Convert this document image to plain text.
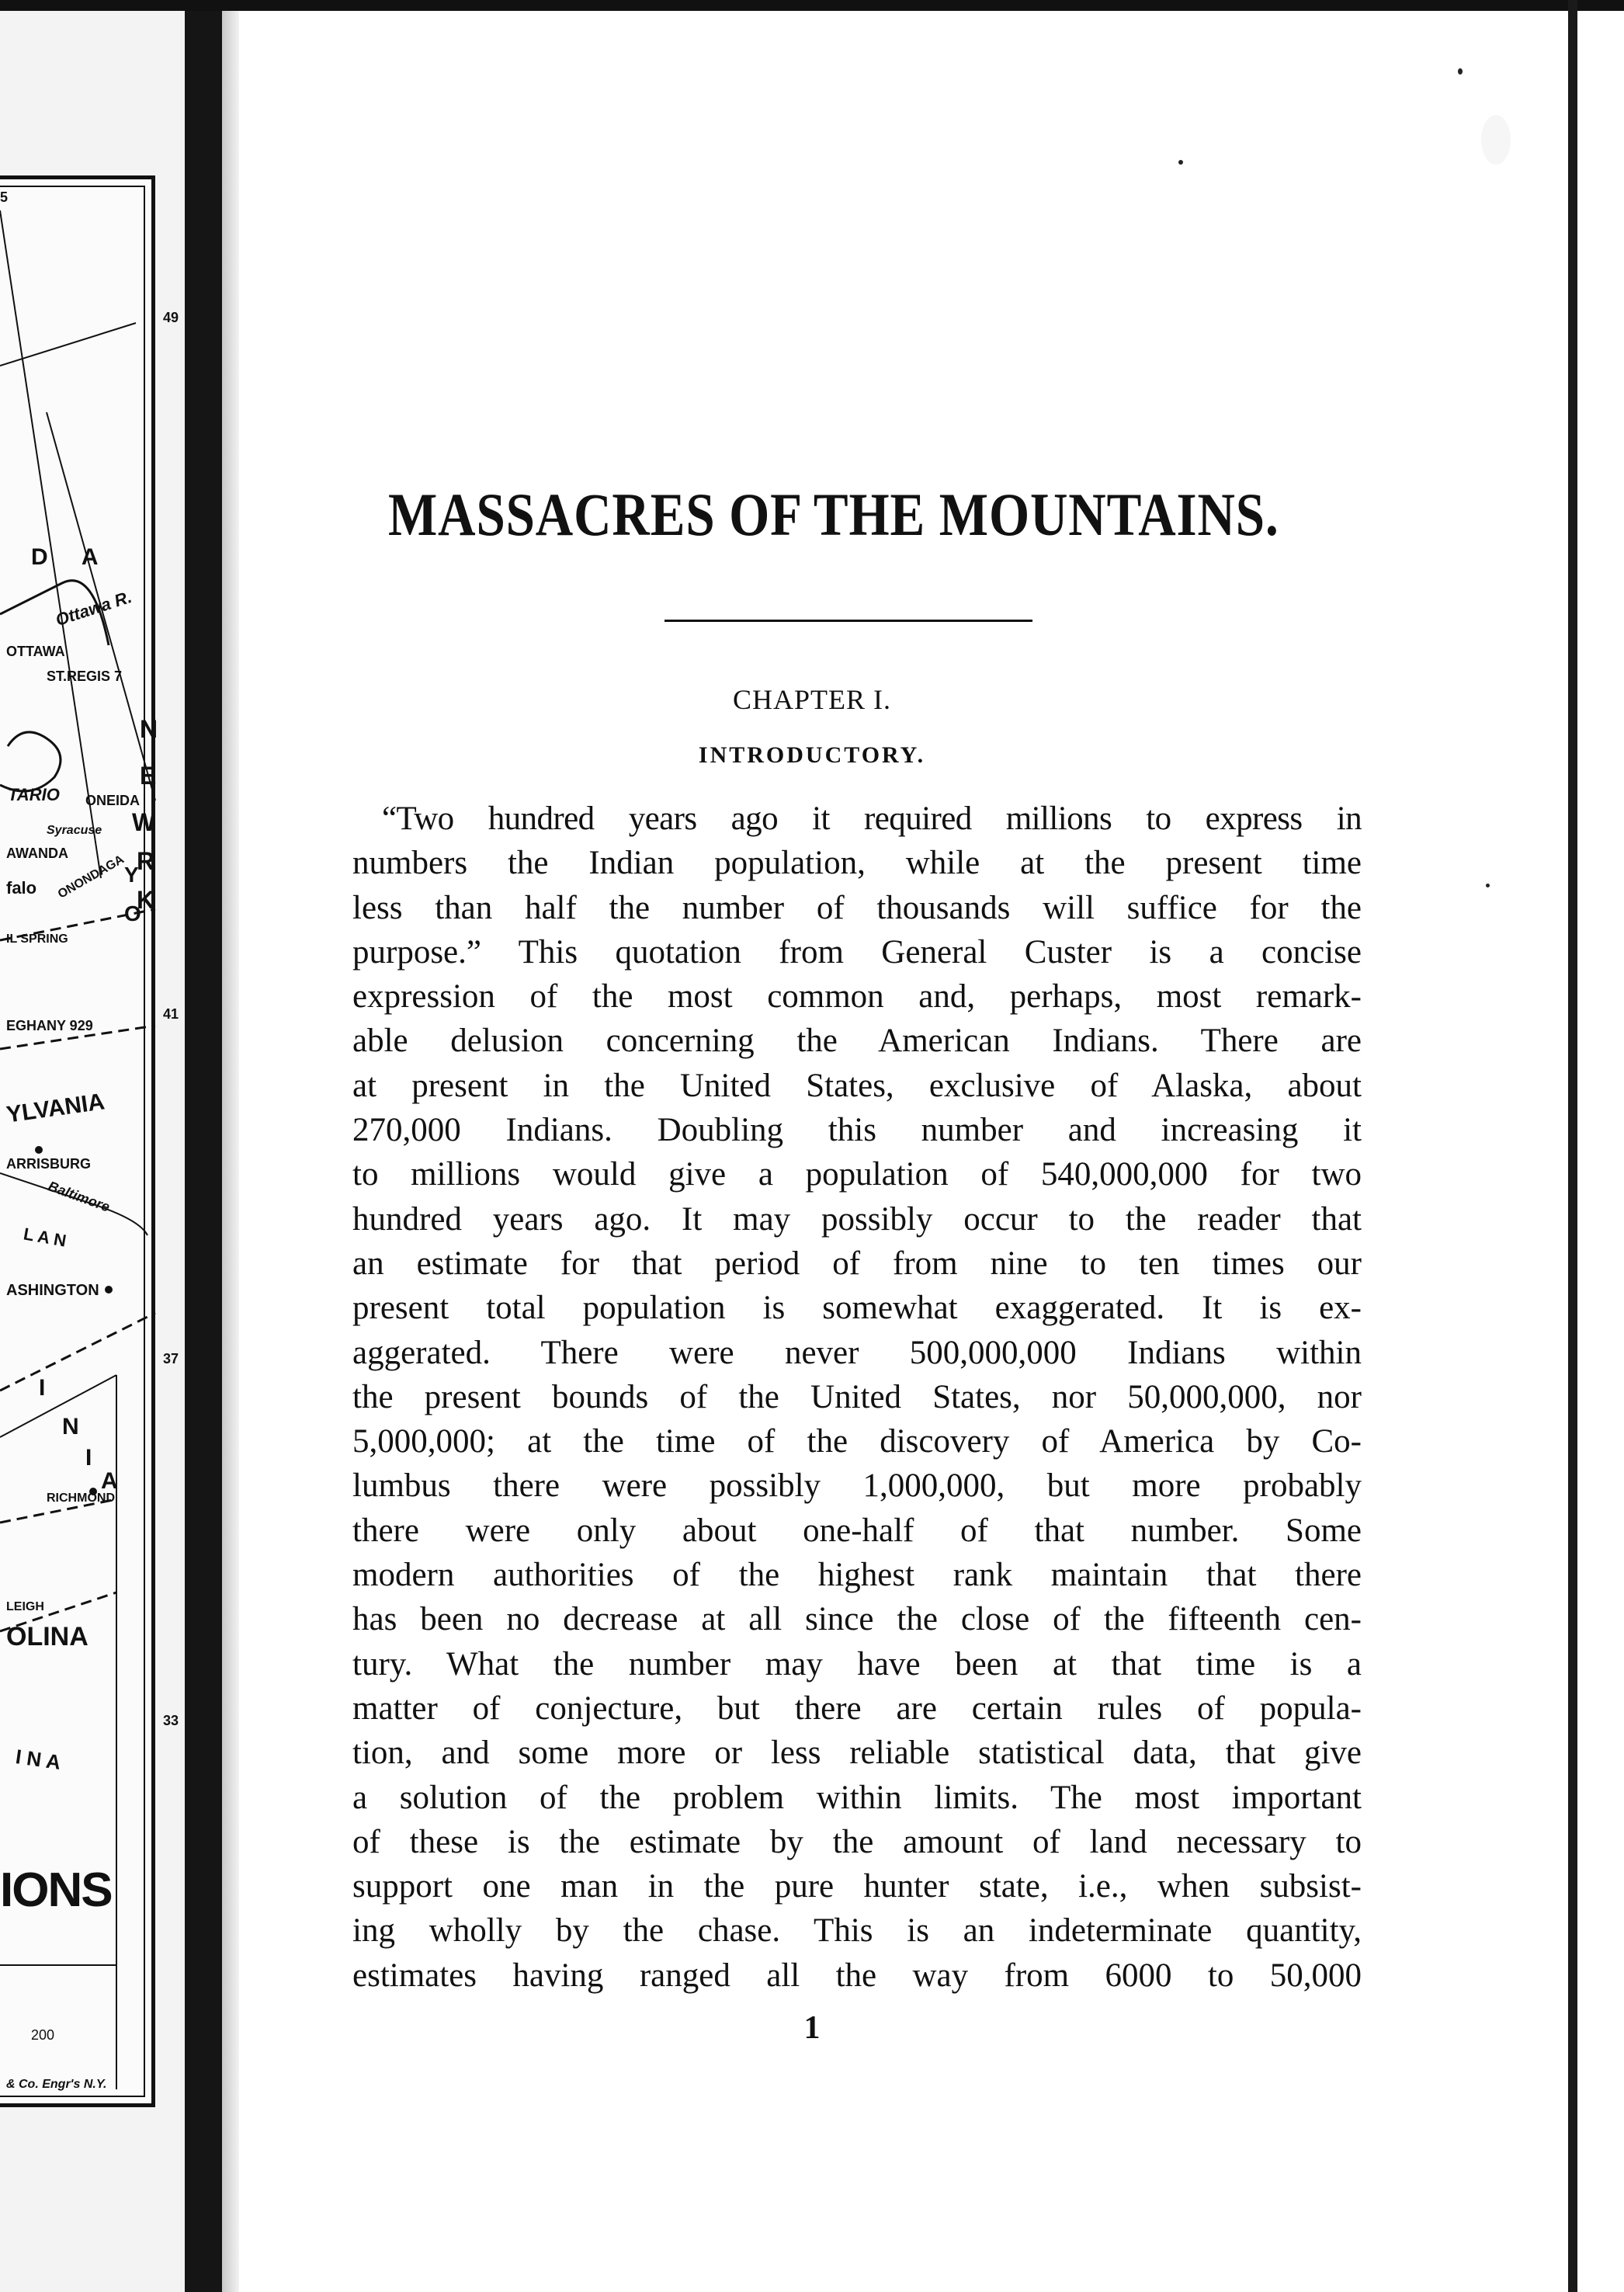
D A
Ottawa R.
OTTAWA
ST.REGIS 7
N
E
W
R
K
TARIO ONEIDA
Syracuse
AWANDA
falo ONONDAGA
IL SPRING
EGHANY 929
Y
O
YLVANIA
ARRISBURG
Baltimore
L A N
ASHINGTON
I
N
I
A
RICHMOND
LEIGH
OLINA
I N A
200
& Co. Engr's N.Y.
IONS
5
49
41
37
33
MASSACRES OF THE MOUNTAINS.
CHAPTER I.
INTRODUCTORY.
“Two hundred years ago it required millions to express in
numbers the Indian population, while at the present time
less than half the number of thousands will suffice for the
purpose.” This quotation from General Custer is a concise
expression of the most common and, perhaps, most remark-
able delusion concerning the American Indians. There are
at present in the United States, exclusive of Alaska, about
270,000 Indians. Doubling this number and increasing it
to millions would give a population of 540,000,000 for two
hundred years ago. It may possibly occur to the reader that
an estimate for that period of from nine to ten times our
present total population is somewhat exaggerated. It is ex-
aggerated. There were never 500,000,000 Indians within
the present bounds of the United States, nor 50,000,000, nor
5,000,000; at the time of the discovery of America by Co-
lumbus there were possibly 1,000,000, but more probably
there were only about one-half of that number. Some
modern authorities of the highest rank maintain that there
has been no decrease at all since the close of the fifteenth cen-
tury. What the number may have been at that time is a
matter of conjecture, but there are certain rules of popula-
tion, and some more or less reliable statistical data, that give
a solution of the problem within limits. The most important
of these is the estimate by the amount of land necessary to
support one man in the pure hunter state, i.e., when subsist-
ing wholly by the chase. This is an indeterminate quantity,
estimates having ranged all the way from 6000 to 50,000
1
